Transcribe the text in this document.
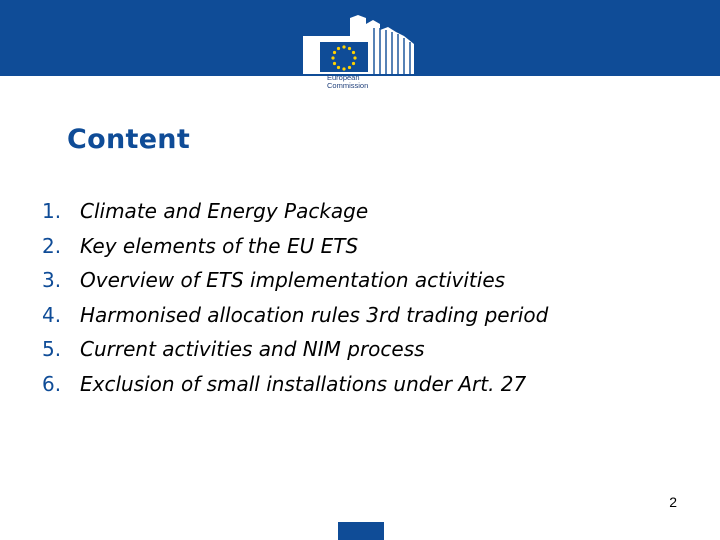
European
Commission
Content
1. Climate and Energy Package
2. Key elements of the EU ETS
3. Overview of ETS implementation activities
4. Harmonised allocation rules 3rd trading period
5. Current activities and NIM process
6. Exclusion of small installations under Art. 27
2
